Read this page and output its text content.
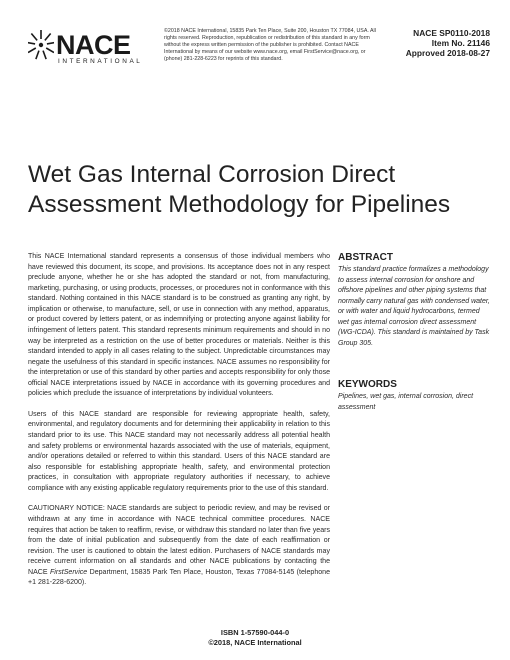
NACE
INTERNATIONAL
©2018 NACE International, 15835 Park Ten Place, Suite 200, Houston TX 77084, USA. All rights reserved. Reproduction, republication or redistribution of this standard in any form without the express written permission of the publisher is prohibited. Contact NACE International by means of our website www.nace.org, email FirstService@nace.org, or (phone) 281-228-6223 for reprints of this standard.
NACE SP0110-2018
Item No. 21146
Approved 2018-08-27
Wet Gas Internal Corrosion Direct
Assessment Methodology for Pipelines

This NACE International standard represents a consensus of those individual members who have reviewed this document, its scope, and provisions. Its acceptance does not in any respect preclude anyone, whether he or she has adopted the standard or not, from manufacturing, marketing, purchasing, or using products, processes, or procedures not in conformance with this standard. Nothing contained in this NACE standard is to be construed as granting any right, by implication or otherwise, to manufacture, sell, or use in connection with any method, apparatus, or product covered by letters patent, or as indemnifying or protecting anyone against liability for infringement of letters patent. This standard represents minimum requirements and should in no way be interpreted as a restriction on the use of better procedures or materials. Neither is this standard intended to apply in all cases relating to the subject. Unpredictable circumstances may negate the usefulness of this standard in specific instances. NACE assumes no responsibility for the interpretation or use of this standard by other parties and accepts responsibility for only those official NACE interpretations issued by NACE in accordance with its governing procedures and policies which preclude the issuance of interpretations by individual volunteers.

Users of this NACE standard are responsible for reviewing appropriate health, safety, environmental, and regulatory documents and for determining their applicability in relation to this standard prior to its use. This NACE standard may not necessarily address all potential health and safety problems or environmental hazards associated with the use of materials, equipment, and/or operations detailed or referred to within this standard. Users of this NACE standard are also responsible for establishing appropriate health, safety, and environmental protection practices, in consultation with appropriate regulatory authorities if necessary, to achieve compliance with any existing applicable regulatory requirements prior to the use of this standard.

CAUTIONARY NOTICE: NACE standards are subject to periodic review, and may be revised or withdrawn at any time in accordance with NACE technical committee procedures. NACE requires that action be taken to reaffirm, revise, or withdraw this standard no later than five years from the date of initial publication and subsequently from the date of each reaffirmation or revision. The user is cautioned to obtain the latest edition. Purchasers of NACE standards may receive current information on all standards and other NACE publications by contacting the NACE FirstService Department, 15835 Park Ten Place, Houston, Texas 77084-5145 (telephone +1 281-228-6200).

ABSTRACT

This standard practice formalizes a methodology to assess internal corrosion for onshore and offshore pipelines and other piping systems that normally carry natural gas with condensed water, or with water and liquid hydrocarbons, termed wet gas internal corrosion direct assessment (WG-ICDA). This standard is maintained by Task Group 305.

KEYWORDS

Pipelines, wet gas, internal corrosion, direct assessment

ISBN 1-57590-044-0
©2018, NACE International
